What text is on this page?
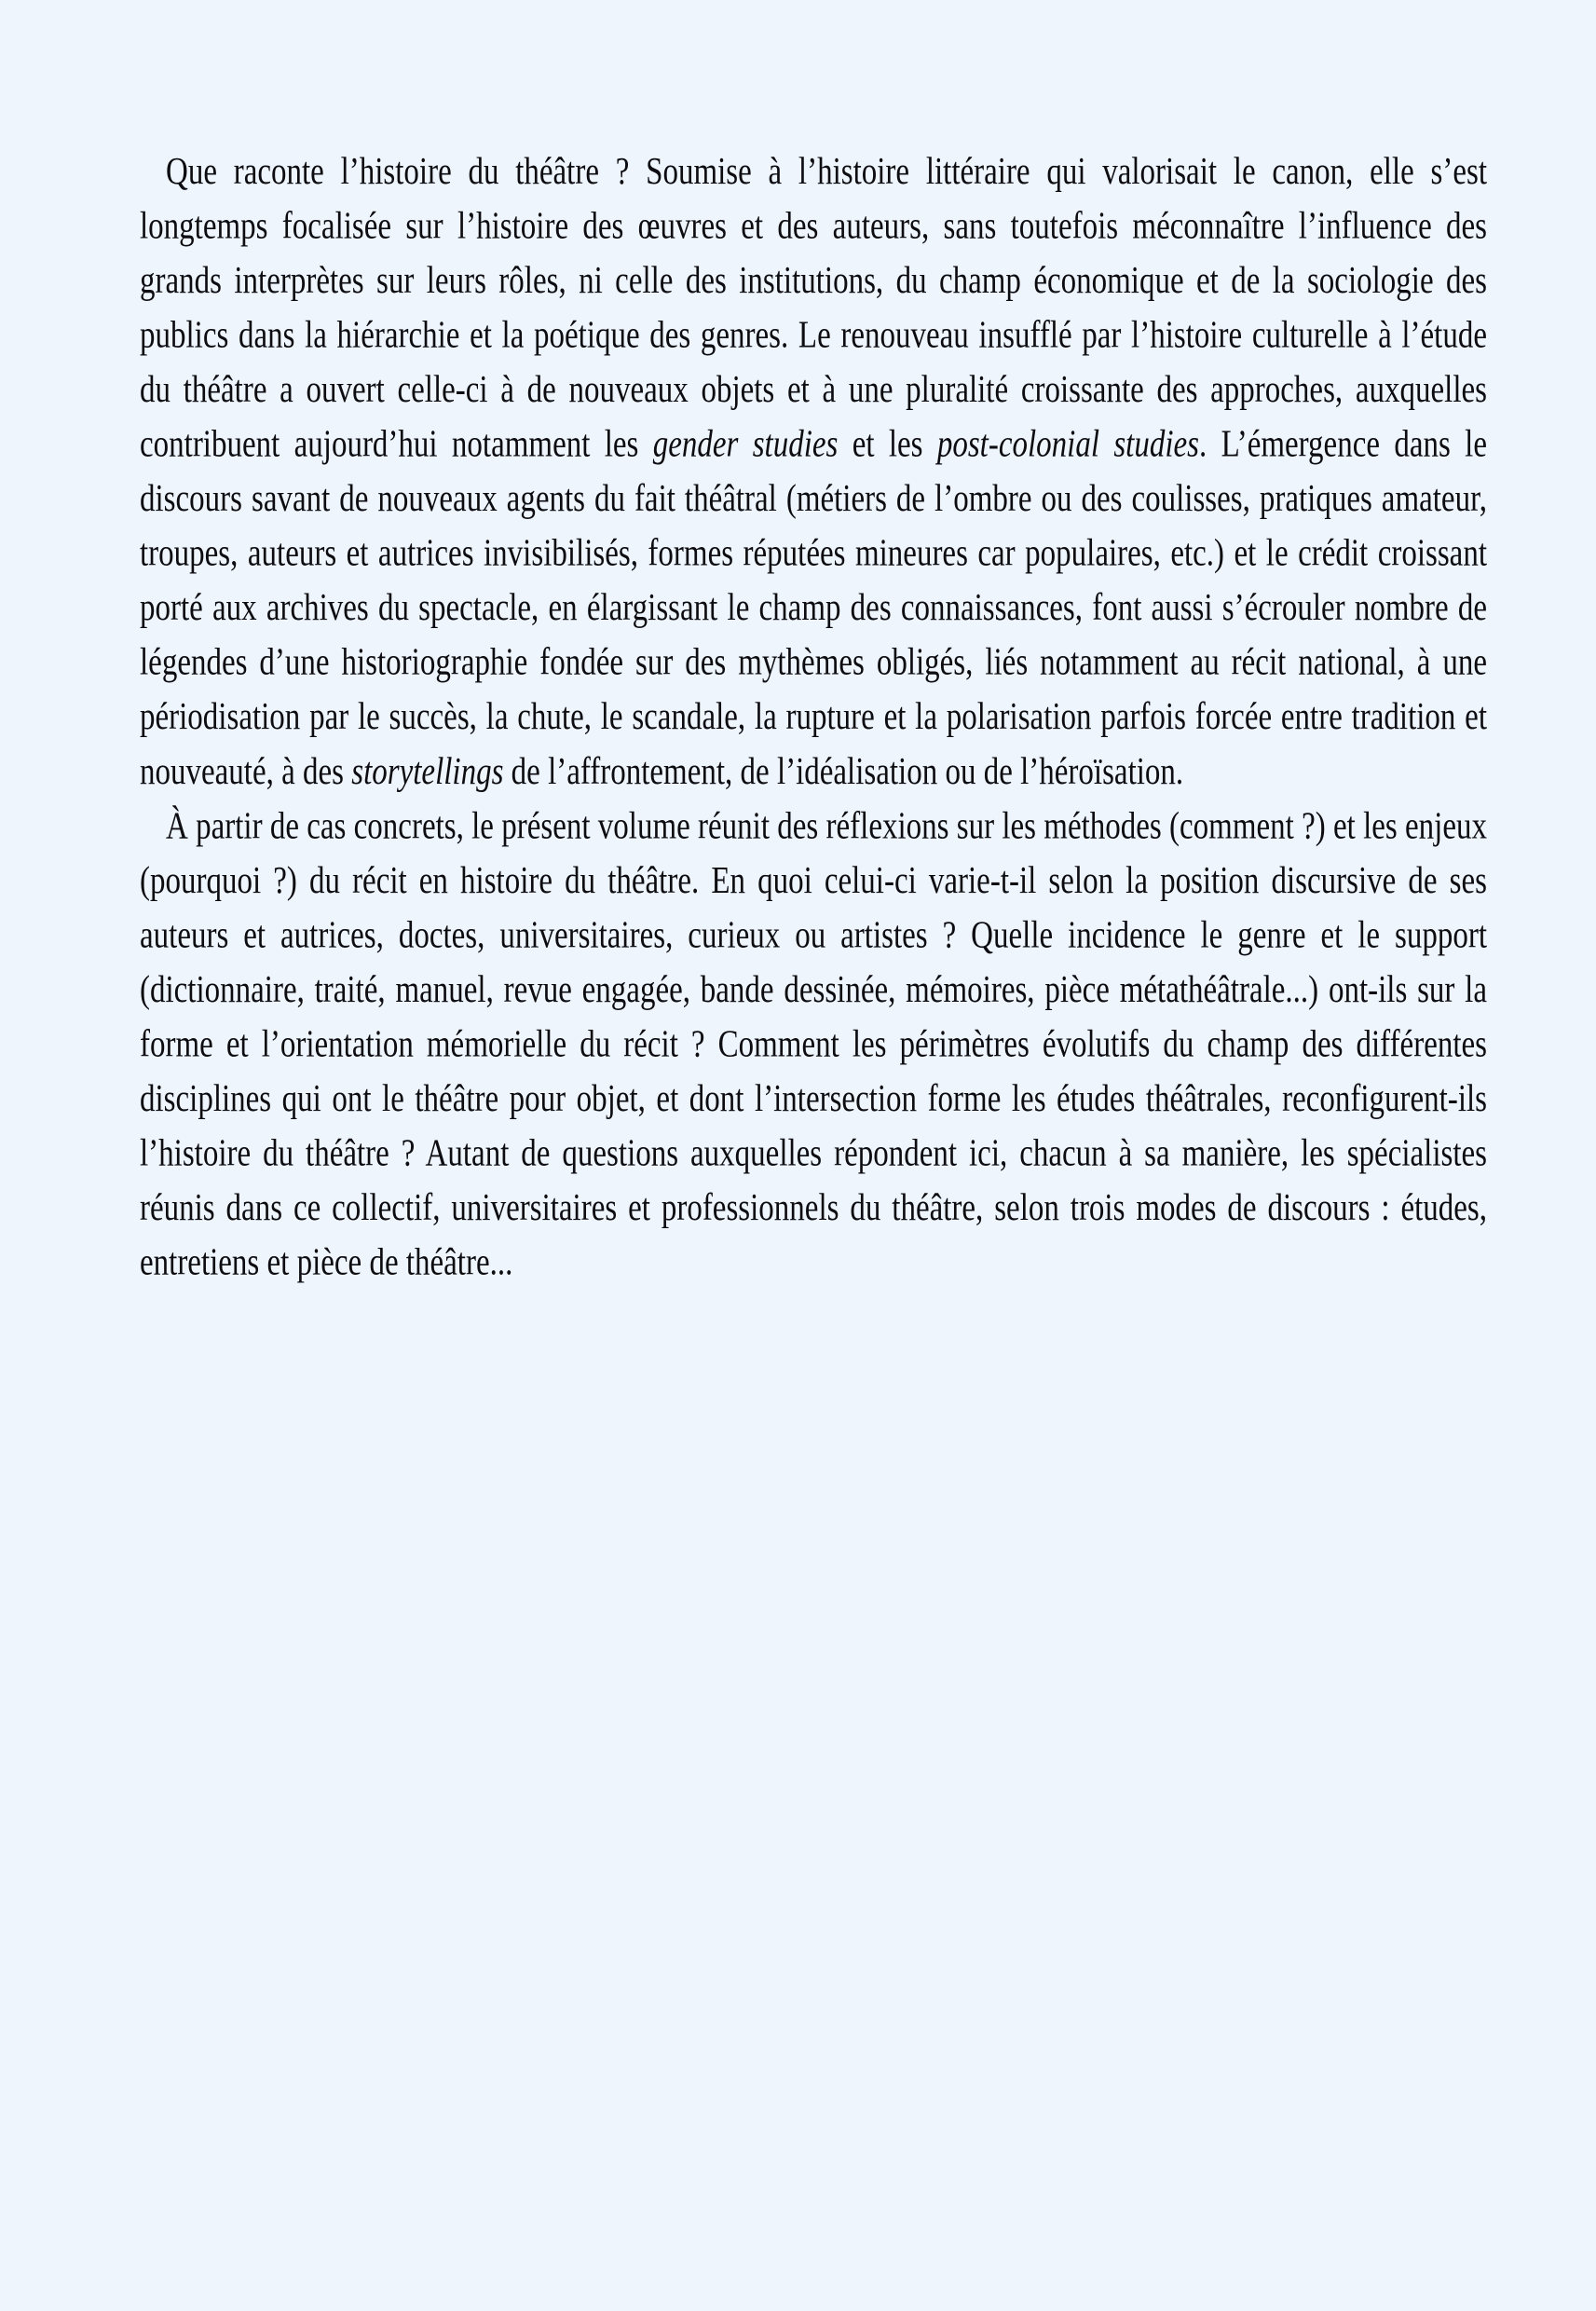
Que raconte l’histoire du théâtre ? Soumise à l’histoire littéraire qui valorisait le canon, elle s’est longtemps focalisée sur l’histoire des œuvres et des auteurs, sans toutefois méconnaître l’influence des grands interprètes sur leurs rôles, ni celle des institutions, du champ économique et de la sociologie des publics dans la hiérarchie et la poétique des genres. Le renouveau insufflé par l’histoire culturelle à l’étude du théâtre a ouvert celle-ci à de nouveaux objets et à une pluralité croissante des approches, auxquelles contribuent aujourd’hui notamment les gender studies et les post-colonial studies. L’émergence dans le discours savant de nouveaux agents du fait théâtral (métiers de l’ombre ou des coulisses, pratiques amateur, troupes, auteurs et autrices invisibilisés, formes réputées mineures car populaires, etc.) et le crédit croissant porté aux archives du spectacle, en élargissant le champ des connaissances, font aussi s’écrouler nombre de légendes d’une historiographie fondée sur des mythèmes obligés, liés notamment au récit national, à une périodisation par le succès, la chute, le scandale, la rupture et la polarisation parfois forcée entre tradition et nouveauté, à des storytellings de l’affrontement, de l’idéalisation ou de l’héroïsation.

À partir de cas concrets, le présent volume réunit des réflexions sur les méthodes (comment ?) et les enjeux (pourquoi ?) du récit en histoire du théâtre. En quoi celui-ci varie-t-il selon la position discursive de ses auteurs et autrices, doctes, universitaires, curieux ou artistes ? Quelle incidence le genre et le support (dictionnaire, traité, manuel, revue engagée, bande dessinée, mémoires, pièce métathéâtrale...) ont-ils sur la forme et l’orientation mémorielle du récit ? Comment les périmètres évolutifs du champ des différentes disciplines qui ont le théâtre pour objet, et dont l’intersection forme les études théâtrales, reconfigurent-ils l’histoire du théâtre ? Autant de questions auxquelles répondent ici, chacun à sa manière, les spécialistes réunis dans ce collectif, universitaires et professionnels du théâtre, selon trois modes de discours : études, entretiens et pièce de théâtre...
